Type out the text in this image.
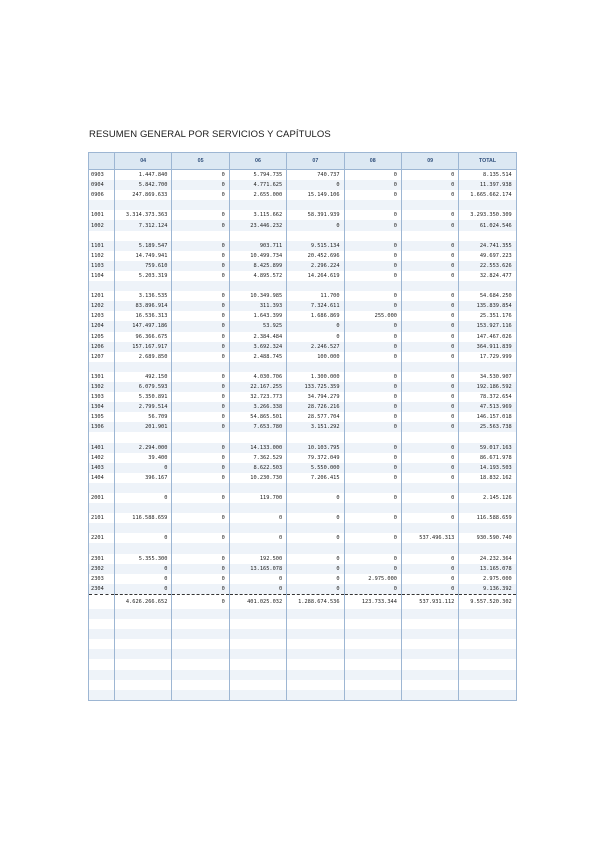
RESUMEN GENERAL POR SERVICIOS Y CAPÍTULOS
	04	05	06	07	08	09	TOTAL
0903	1.447.840	0	5.794.735	740.737	0	0	8.135.514
0904	5.842.700	0	4.771.625	0	0	0	11.397.938
0906	247.869.633	0	2.655.000	15.149.106	0	0	1.665.662.174

1001	3.314.373.363	0	3.115.662	58.391.939	0	0	3.293.350.309
1002	7.312.124	0	23.446.232	0	0	0	61.024.546

1101	5.189.547	0	903.711	9.515.134	0	0	24.741.355
1102	14.749.941	0	10.499.734	20.452.696	0	0	49.697.223
1103	759.610	0	8.425.899	2.296.224	0	0	22.553.626
1104	5.203.319	0	4.895.572	14.264.619	0	0	32.824.477

1201	3.136.535	0	10.349.985	11.700	0	0	54.684.250
1202	83.896.914	0	311.393	7.324.611	0	0	135.839.854
1203	16.536.313	0	1.643.399	1.686.869	255.000	0	25.351.176
1204	147.497.186	0	53.925	0	0	0	153.927.116
1205	96.366.675	0	2.384.484	0	0	0	147.467.026
1206	157.167.917	0	3.692.324	2.246.527	0	0	364.911.839
1207	2.689.850	0	2.488.745	100.000	0	0	17.729.999

1301	492.150	0	4.030.706	1.300.000	0	0	34.530.907
1302	6.079.593	0	22.167.255	133.725.359	0	0	192.186.592
1303	5.350.891	0	32.723.773	34.794.279	0	0	78.372.654
1304	2.799.514	0	3.266.338	28.726.216	0	0	47.513.969
1305	56.709	0	54.865.501	28.577.704	0	0	146.157.018
1306	201.901	0	7.653.780	3.151.292	0	0	25.563.738

1401	2.294.000	0	14.133.000	10.103.795	0	0	59.017.163
1402	39.400	0	7.362.529	79.372.049	0	0	86.671.978
1403	0	0	8.622.503	5.550.000	0	0	14.193.503
1404	396.167	0	10.230.730	7.206.415	0	0	18.832.162

2001	0	0	119.700	0	0	0	2.145.126

2101	116.588.659	0	0	0	0	0	116.588.659

2201	0	0	0	0	0	537.496.313	930.590.740

2301	5.355.300	0	192.500	0	0	0	24.232.364
2302	0	0	13.165.078	0	0	0	13.165.078
2303	0	0	0	0	2.975.000	0	2.975.000
2304	0	0	0	0	0	0	9.136.392
	4.626.266.652	0	401.025.032	1.288.674.536	123.733.344	537.931.112	9.557.520.302
